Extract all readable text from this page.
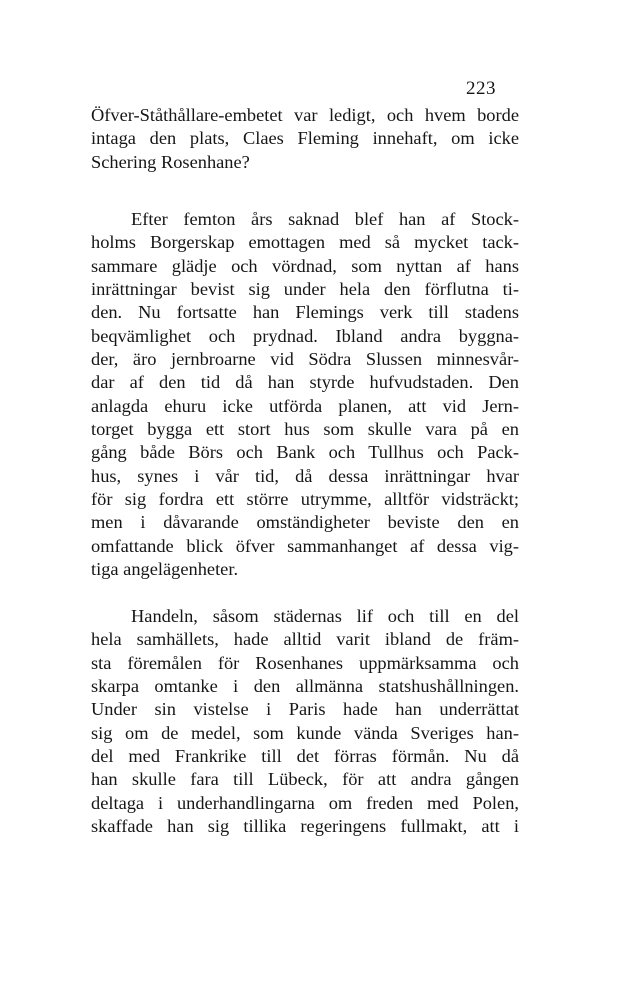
223

Öfver-Ståthållare-embetet var ledigt, och hvem borde
intaga den plats, Claes Fleming innehaft, om icke
Schering Rosenhane?

Efter femton års saknad blef han af Stock-
holms Borgerskap emottagen med så mycket tack-
sammare glädje och vördnad, som nyttan af hans
inrättningar bevist sig under hela den förflutna ti-
den. Nu fortsatte han Flemings verk till stadens
beqvämlighet och prydnad. Ibland andra byggna-
der, äro jernbroarne vid Södra Slussen minnesvår-
dar af den tid då han styrde hufvudstaden. Den
anlagda ehuru icke utförda planen, att vid Jern-
torget bygga ett stort hus som skulle vara på en
gång både Börs och Bank och Tullhus och Pack-
hus, synes i vår tid, då dessa inrättningar hvar
för sig fordra ett större utrymme, alltför vidsträckt;
men i dåvarande omständigheter beviste den en
omfattande blick öfver sammanhanget af dessa vig-
tiga angelägenheter.

Handeln, såsom städernas lif och till en del
hela samhällets, hade alltid varit ibland de främ-
sta föremålen för Rosenhanes uppmärksamma och
skarpa omtanke i den allmänna statshushållningen.
Under sin vistelse i Paris hade han underrättat
sig om de medel, som kunde vända Sveriges han-
del med Frankrike till det förras förmån. Nu då
han skulle fara till Lübeck, för att andra gången
deltaga i underhandlingarna om freden med Polen,
skaffade han sig tillika regeringens fullmakt, att i
